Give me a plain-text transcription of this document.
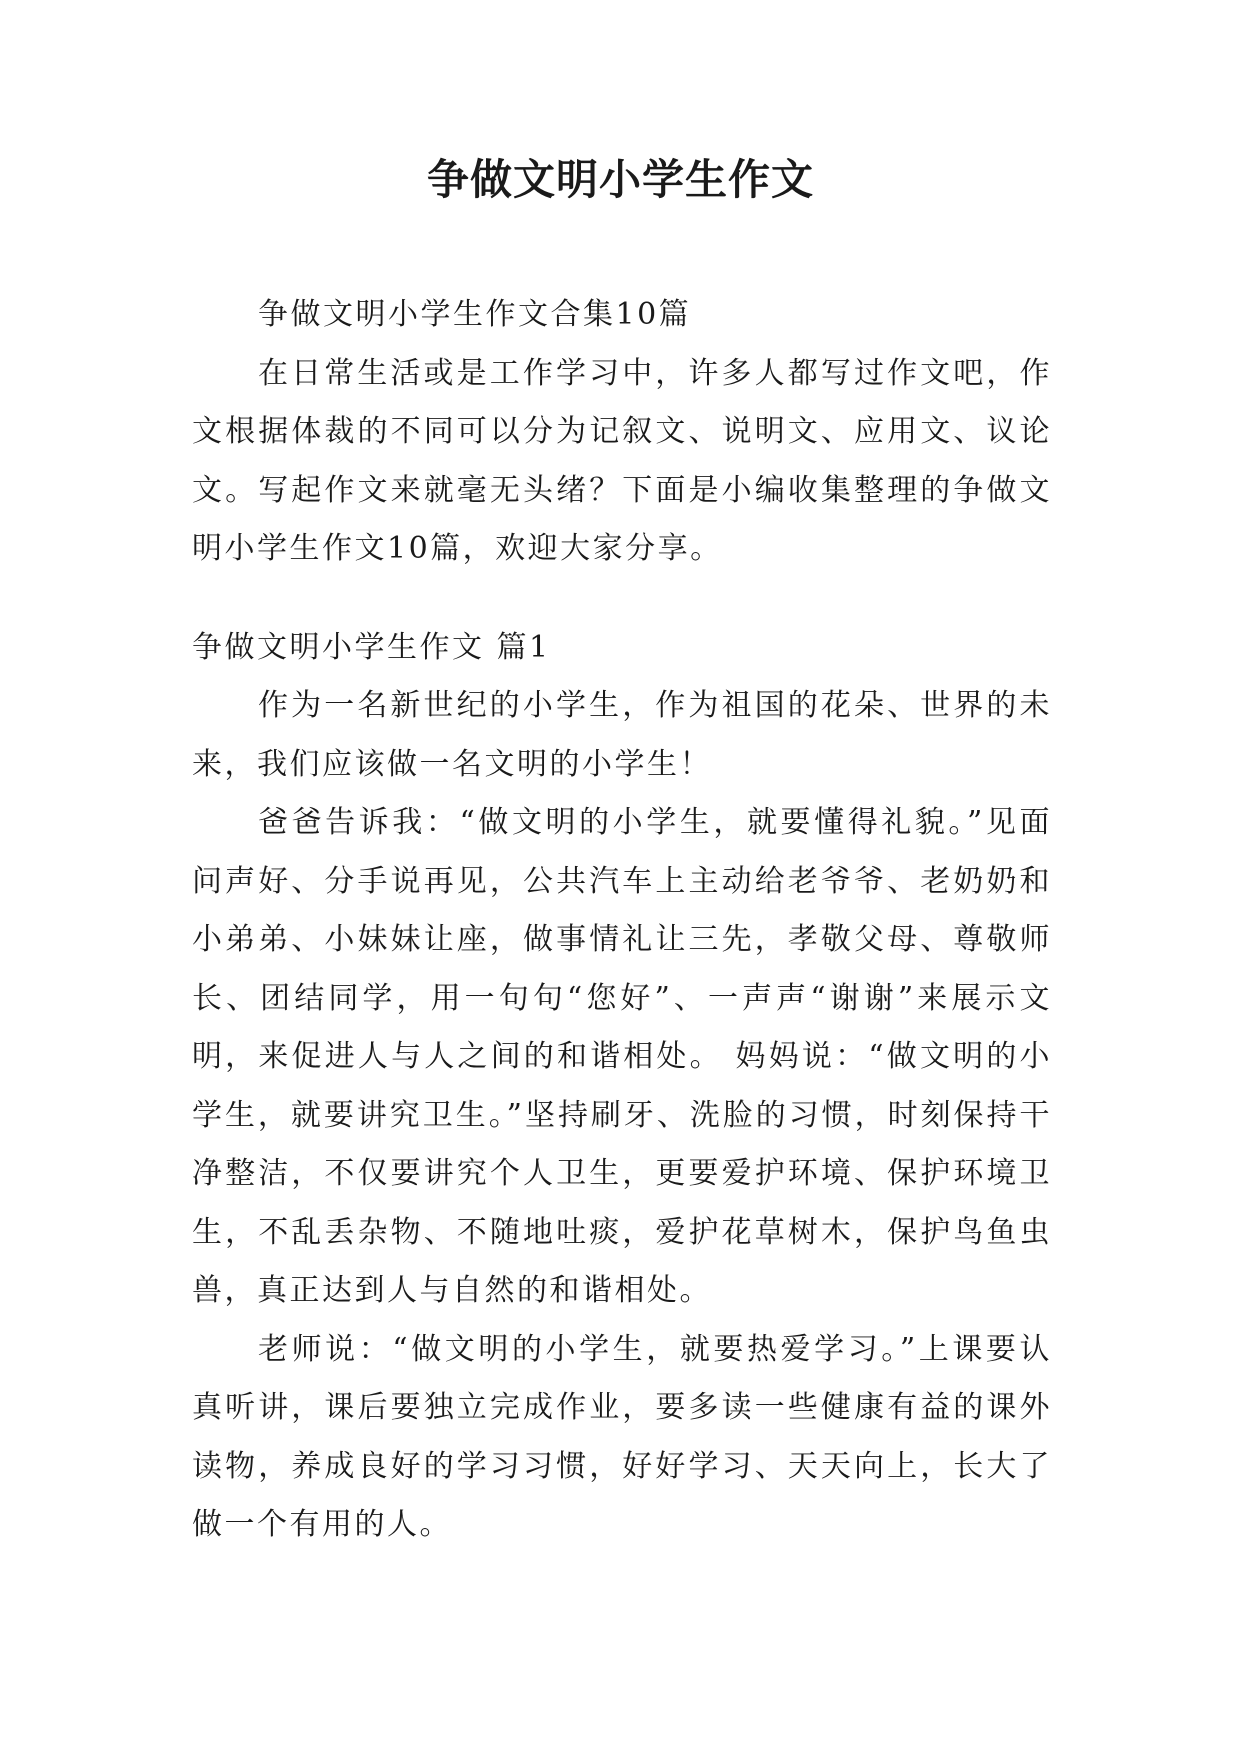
争做文明小学生作文

争做文明小学生作文合集10篇

在日常生活或是工作学习中，许多人都写过作文吧，作文根据体裁的不同可以分为记叙文、说明文、应用文、议论文。写起作文来就毫无头绪？下面是小编收集整理的争做文明小学生作文10篇，欢迎大家分享。

争做文明小学生作文 篇1

作为一名新世纪的小学生，作为祖国的花朵、世界的未来，我们应该做一名文明的小学生！

爸爸告诉我：“做文明的小学生，就要懂得礼貌。”见面问声好、分手说再见，公共汽车上主动给老爷爷、老奶奶和小弟弟、小妹妹让座，做事情礼让三先，孝敬父母、尊敬师长、团结同学，用一句句“您好”、一声声“谢谢”来展示文明，来促进人与人之间的和谐相处。 妈妈说：“做文明的小学生，就要讲究卫生。”坚持刷牙、洗脸的习惯，时刻保持干净整洁，不仅要讲究个人卫生，更要爱护环境、保护环境卫生，不乱丢杂物、不随地吐痰，爱护花草树木，保护鸟鱼虫兽，真正达到人与自然的和谐相处。

老师说：“做文明的小学生，就要热爱学习。”上课要认真听讲，课后要独立完成作业，要多读一些健康有益的课外读物，养成良好的学习习惯，好好学习、天天向上，长大了做一个有用的人。
